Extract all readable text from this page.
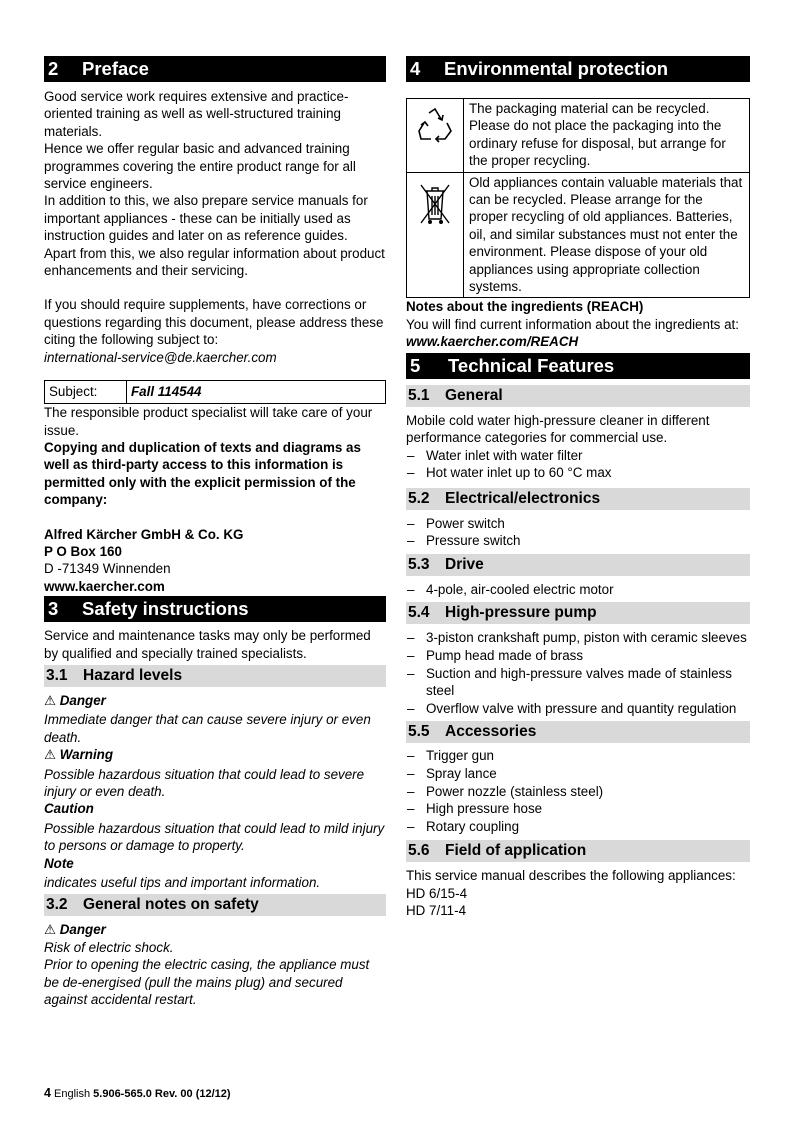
2 Preface

Good service work requires extensive and practice-oriented training as well as well-structured training materials.

Hence we offer regular basic and advanced training programmes covering the entire product range for all service engineers.

In addition to this, we also prepare service manuals for important appliances - these can be initially used as instruction guides and later on as reference guides.

Apart from this, we also regular information about product enhancements and their servicing.

If you should require supplements, have corrections or questions regarding this document, please address these citing the following subject to:

international-service@de.kaercher.com

Subject:	Fall 114544

The responsible product specialist will take care of your issue.

Copying and duplication of texts and diagrams as well as third-party access to this information is permitted only with the explicit permission of the company:

Alfred Kärcher GmbH & Co. KG

P O Box 160

D -71349 Winnenden

www.kaercher.com

3 Safety instructions

Service and maintenance tasks may only be performed by qualified and specially trained specialists.

3.1 Hazard levels

⚠ Danger

Immediate danger that can cause severe injury or even death.

⚠ Warning

Possible hazardous situation that could lead to severe injury or even death.

Caution

Possible hazardous situation that could lead to mild injury to persons or damage to property.

Note

indicates useful tips and important information.

3.2 General notes on safety

⚠ Danger

Risk of electric shock.

Prior to opening the electric casing, the appliance must be de-energised (pull the mains plug) and secured against accidental restart.

4 Environmental protection
	The packaging material can be recycled. Please do not place the packaging into the ordinary refuse for disposal, but arrange for the proper recycling.
	Old appliances contain valuable materials that can be recycled. Please arrange for the proper recycling of old appliances. Batteries, oil, and similar substances must not enter the environment. Please dispose of your old appliances using appropriate collection systems.

Notes about the ingredients (REACH)

You will find current information about the ingredients at:

www.kaercher.com/REACH

5 Technical Features
5.1 General

Mobile cold water high-pressure cleaner in different performance categories for commercial use.

– Water inlet with water filter
– Hot water inlet up to 60 °C max
5.2 Electrical/electronics
– Power switch
– Pressure switch
5.3 Drive
– 4-pole, air-cooled electric motor
5.4 High-pressure pump
– 3-piston crankshaft pump, piston with ceramic sleeves
– Pump head made of brass
– Suction and high-pressure valves made of stainless steel
– Overflow valve with pressure and quantity regulation
5.5 Accessories
– Trigger gun
– Spray lance
– Power nozzle (stainless steel)
– High pressure hose
– Rotary coupling
5.6 Field of application

This service manual describes the following appliances:

HD 6/15-4

HD 7/11-4

4 English 5.906-565.0 Rev. 00 (12/12)
